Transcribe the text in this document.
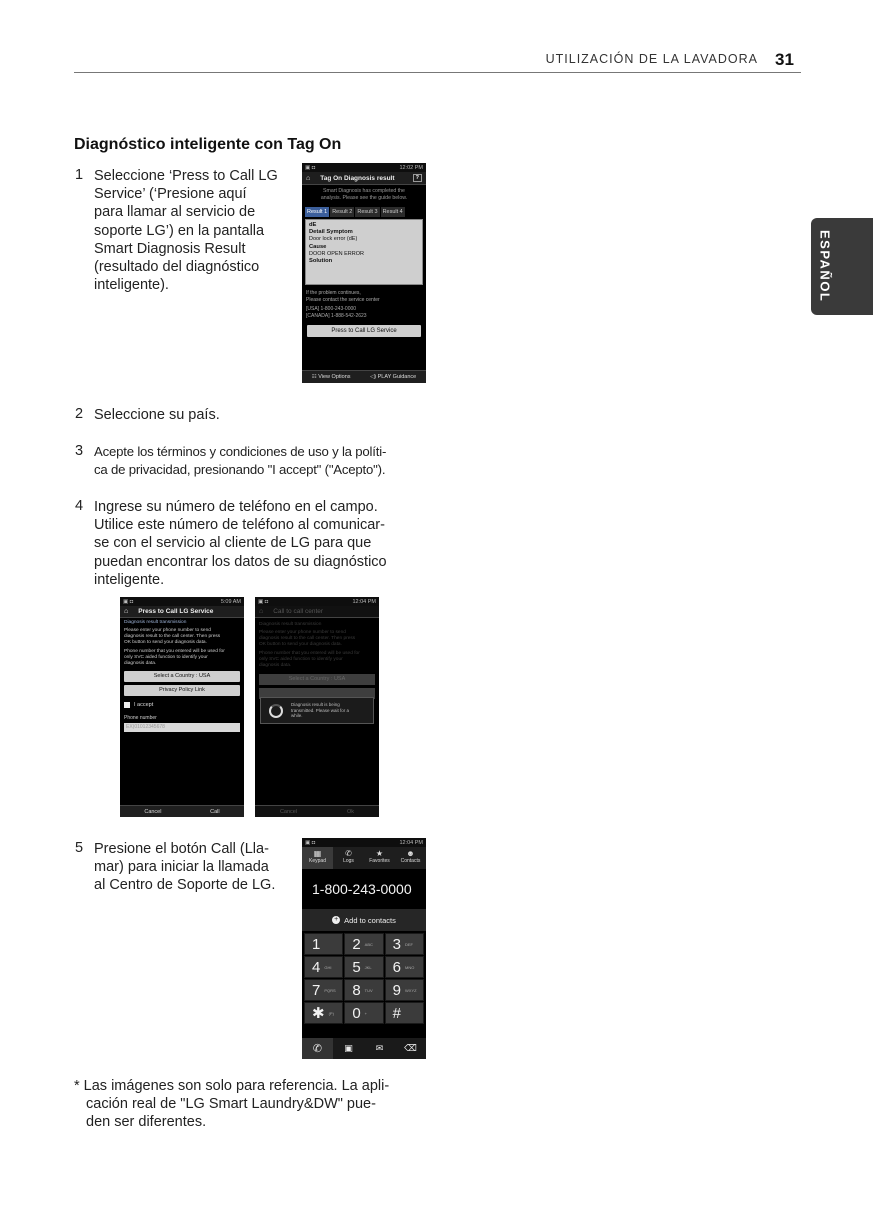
UTILIZACIÓN DE LA LAVADORA 31
ESPAÑOL
Diagnóstico inteligente con Tag On
1 Seleccione ‘Press to Call LG
Service’ (‘Presione aquí
para llamar al servicio de
soporte LG’) en la pantalla
Smart Diagnosis Result
(resultado del diagnóstico
inteligente).
▣ ◘	12:02 PM
⌂ Tag On Diagnosis result	?
Smart Diagnosis has completed the
analysis. Please see the guide below.
Result 1 Result 2 Result 3 Result 4
dE
Detail Symptom
Door lock error (dE)
Cause
DOOR OPEN ERROR
Solution
If the problem continues,
Please contact the service center
[USA] 1-800-243-0000
[CANADA] 1-888-542-2623
Press to Call LG Service
☷ View Options	◁) PLAY Guidance
2 Seleccione su país.
3 Acepte los términos y condiciones de uso y la políti-
ca de privacidad, presionando "I accept" ("Acepto").
4 Ingrese su número de teléfono en el campo.
Utilice este número de teléfono al comunicar-
se con el servicio al cliente de LG para que
puedan encontrar los datos de su diagnóstico
inteligente.
▣ ◘	5:09 AM
⌂ Press to Call LG Service
Diagnosis result transmission
Please enter your phone number to send
diagnosis result to the call center. Then press
OK button to send your diagnosis data.
Phone number that you entered will be used for
only SVC aided function to identify your
diagnosis data.
Select a Country : USA
Privacy Policy Link
I accept
Phone number
EX)01012345678
Cancel	Call
▣ ◘	12:04 PM
⌂ Call to call center
Diagnosis result transmission
Please enter your phone number to send
diagnosis result to the call center. Then press
OK button to send your diagnosis data.
Phone number that you entered will be used for
only SVC aided function to identify your
diagnosis data.
Select a Country : USA
Diagnosis result is being
transmitted. Please wait for a
while.
Cancel	Ok
5 Presione el botón Call (Lla-
mar) para iniciar la llamada
al Centro de Soporte de LG.
▣ ◘	12:04 PM
▦
Keypad
✆
Logs
★
Favorites
☻
Contacts
1-800-243-0000
+ Add to contacts
1 2 ABC 3 DEF
4 GHI 5 JKL 6 MNO
7 PQRS 8 TUV 9 WXYZ
✱ (P) 0 + #
✆ ▣	✉ ⌫
* Las imágenes son solo para referencia. La apli-
cación real de "LG Smart Laundry&DW" pue-
den ser diferentes.
